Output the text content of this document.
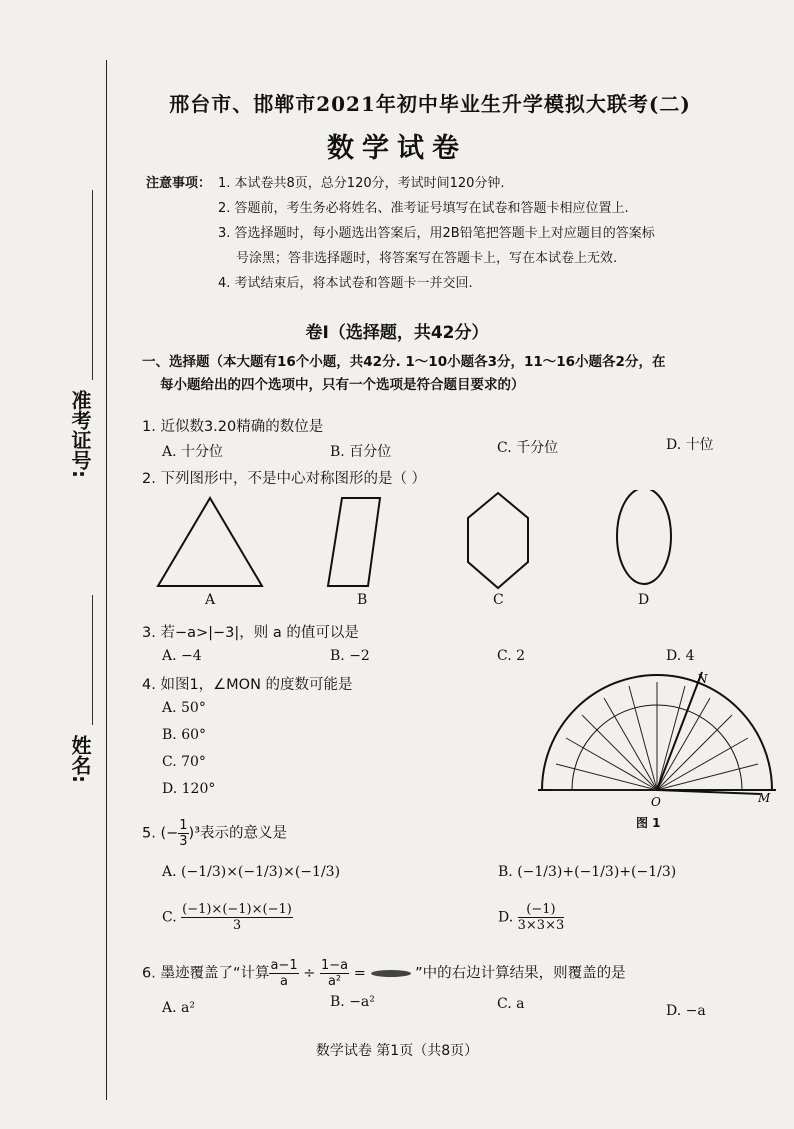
准考证号:
姓名:
邢台市、邯郸市2021年初中毕业生升学模拟大联考(二)
数学试卷
注意事项： 1. 本试卷共8页，总分120分，考试时间120分钟.
2. 答题前，考生务必将姓名、准考证号填写在试卷和答题卡相应位置上.
3. 答选择题时，每小题选出答案后，用2B铅笔把答题卡上对应题目的答案标
号涂黑；答非选择题时，将答案写在答题卡上，写在本试卷上无效.
4. 考试结束后，将本试卷和答题卡一并交回.
卷Ⅰ（选择题，共42分）
一、选择题（本大题有16个小题，共42分. 1～10小题各3分，11～16小题各2分，在
每小题给出的四个选项中，只有一个选项是符合题目要求的）
1. 近似数3.20精确的数位是
A. 十分位	B. 百分位	C. 千分位	D. 十位
2. 下列图形中，不是中心对称图形的是（ ）
A	B	C	D
3. 若−a>|−3|，则 a 的值可以是
A. −4	B. −2	C. 2	D. 4
4. 如图1，∠MON 的度数可能是
A. 50°
B. 60°
C. 70°
D. 120°
N
O	M
图 1
5. (− $\frac{1}{3} )^3$表示的意义是
A. (−1/3)×(−1/3)×(−1/3)	B. (−1/3)+(−1/3)+(−1/3)
C. $\frac{(-1)\times(-1)\times(-1)}{3}$	D. $\frac{(-1)}{3\times 3\times 3}$
6. 墨迹覆盖了“计算 $\frac{a-1}{a} \div \frac{1-a}{\text{a²}}$ =	”中的右边计算结果，则覆盖的是
A. a²	B. −a²	C. a	D. −a
数学试卷 第1页（共8页）
